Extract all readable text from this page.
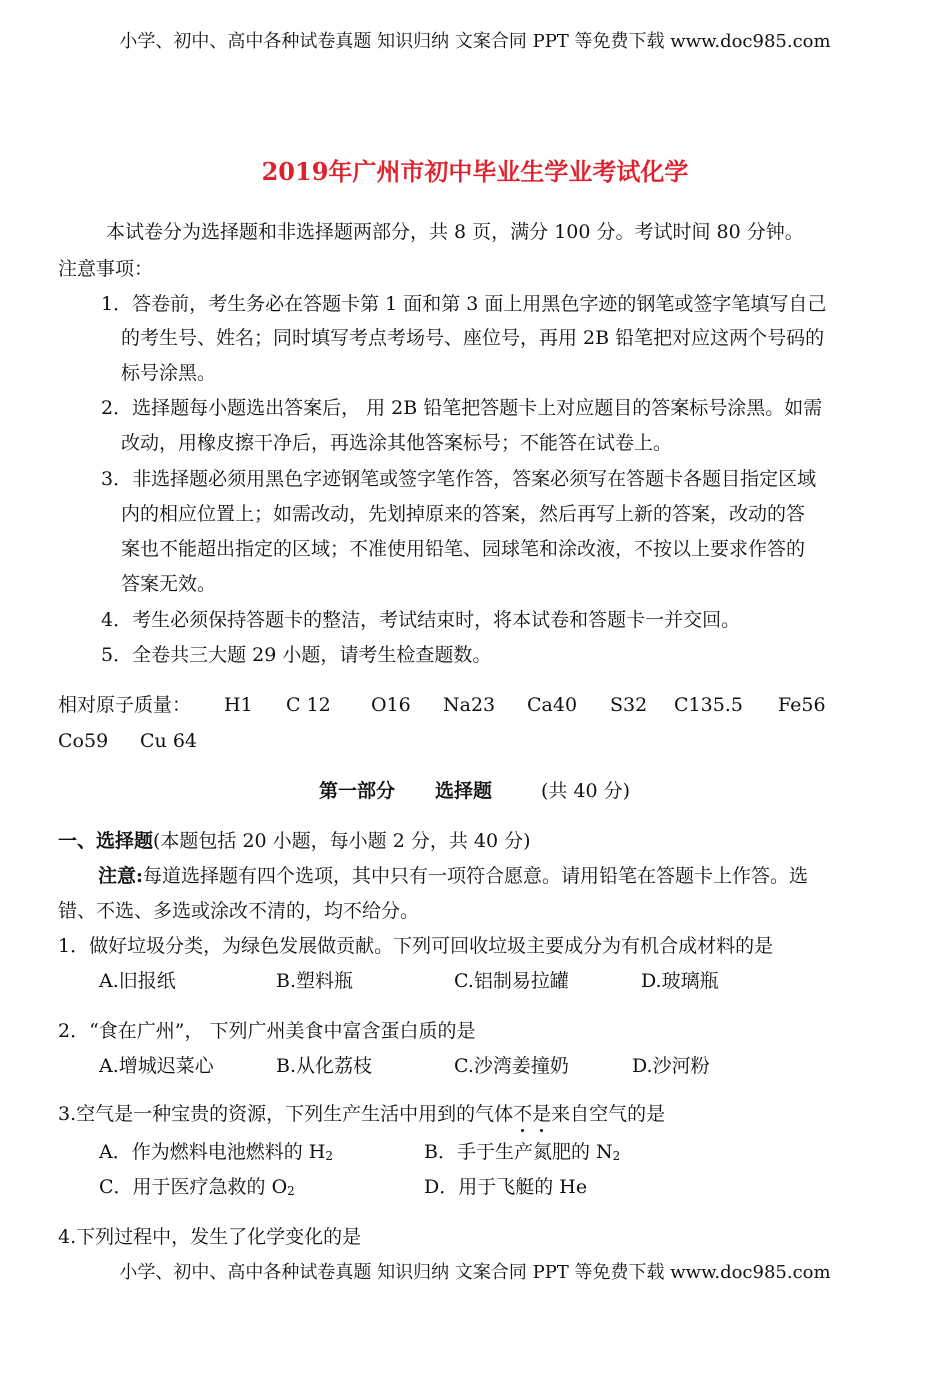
小学、初中、高中各种试卷真题 知识归纳 文案合同 PPT 等免费下载 www.doc985.com
2019年广州市初中毕业生学业考试化学
本试卷分为选择题和非选择题两部分，共 8 页，满分 100 分。考试时间 80 分钟。
注意事项：
1．答卷前，考生务必在答题卡第 1 面和第 3 面上用黑色字迹的钢笔或签字笔填写自己
的考生号、姓名；同时填写考点考场号、座位号，再用 2B 铅笔把对应这两个号码的
标号涂黑。
2．选择题每小题选出答案后， 用 2B 铅笔把答题卡上对应题目的答案标号涂黑。如需
改动，用橡皮擦干净后，再选涂其他答案标号；不能答在试卷上。
3．非选择题必须用黑色字迹钢笔或签字笔作答，答案必须写在答题卡各题目指定区域
内的相应位置上；如需改动，先划掉原来的答案，然后再写上新的答案，改动的答
案也不能超出指定的区域；不准使用铅笔、园球笔和涂改液，不按以上要求作答的
答案无效。
4．考生必须保持答题卡的整洁，考试结束时，将本试卷和答题卡一并交回。
5．全卷共三大题 29 小题，请考生检查题数。
相对原子质量： H1 C 12 O16 Na23 Ca40 S32 C135.5 Fe56
Co59 Cu 64
第一部分 选择题	(共 40 分)
一、选择题(本题包括 20 小题，每小题 2 分，共 40 分)
注意:每道选择题有四个选项，其中只有一项符合愿意。请用铅笔在答题卡上作答。选
错、不选、多选或涂改不清的，均不给分。
1．做好垃圾分类，为绿色发展做贡献。下列可回收垃圾主要成分为有机合成材料的是
A.旧报纸	B.塑料瓶	C.铝制易拉罐	D.玻璃瓶
2．“食在广州”， 下列广州美食中富含蛋白质的是
A.增城迟菜心	B.从化荔枝	C.沙湾姜撞奶	D.沙河粉
3.空气是一种宝贵的资源，下列生产生活中用到的气体不是来自空气的是
A．作为燃料电池燃料的 $H_2$	B．手于生产氮肥的 $N_2$
C．用于医疗急救的 $O_2$	D．用于飞艇的 He
4.下列过程中，发生了化学变化的是
小学、初中、高中各种试卷真题 知识归纳 文案合同 PPT 等免费下载 www.doc985.com
